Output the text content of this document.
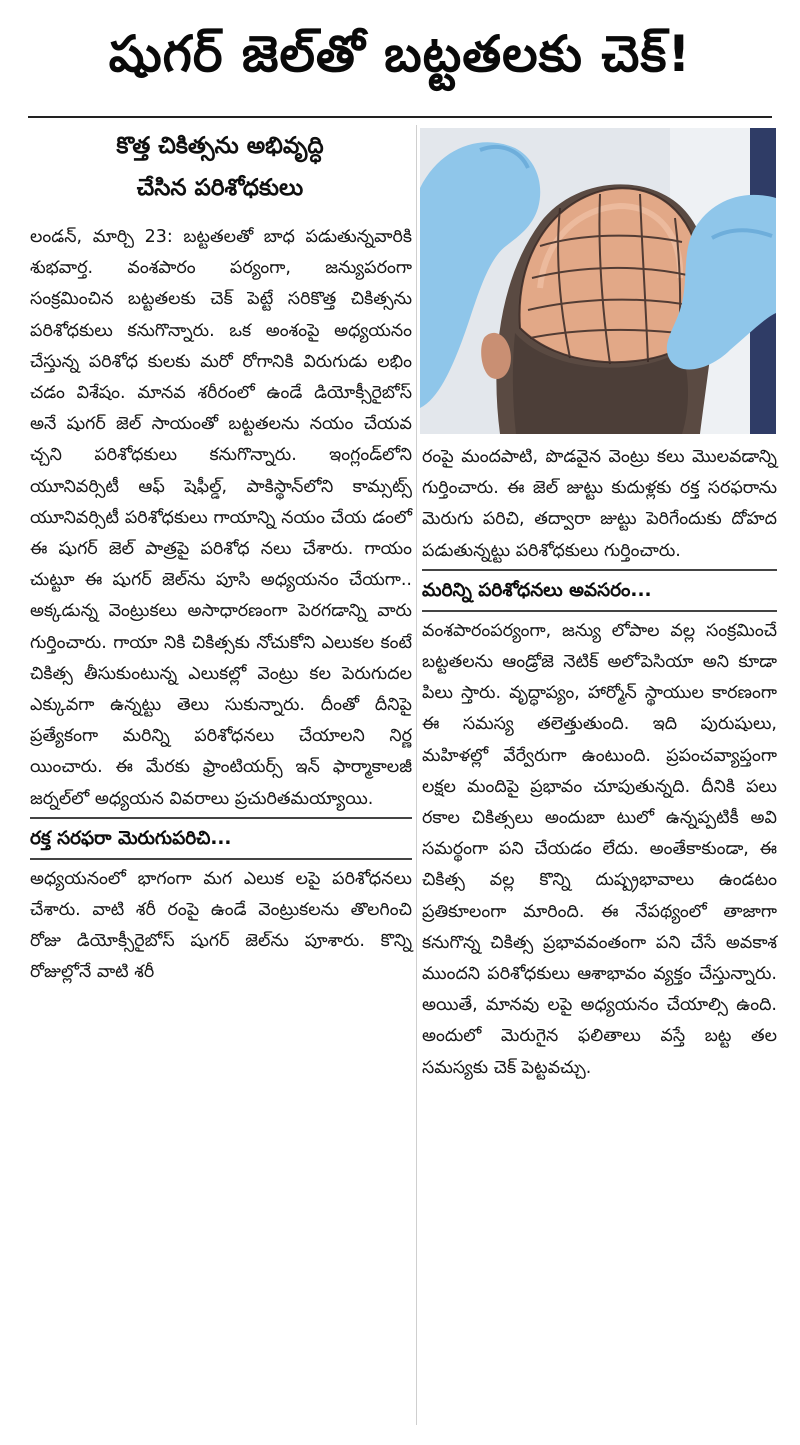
షుగర్ జెల్‌తో బట్టతలకు చెక్!
కొత్త చికిత్సను అభివృద్ధి
చేసిన పరిశోధకులు

లండన్, మార్చి 23: బట్టతలతో బాధ పడుతున్నవారికి శుభవార్త. వంశపారం పర్యంగా, జన్యుపరంగా సంక్రమించిన బట్టతలకు చెక్ పెట్టే సరికొత్త చికిత్సను పరిశోధకులు కనుగొన్నారు. ఒక అంశంపై అధ్యయనం చేస్తున్న పరిశోధ కులకు మరో రోగానికి విరుగుడు లభిం చడం విశేషం. మానవ శరీరంలో ఉండే డియోక్సీరైబోస్ అనే షుగర్ జెల్ సాయంతో బట్టతలను నయం చేయవ చ్చని పరిశోధకులు కనుగొన్నారు. ఇంగ్లండ్‌లోని యూనివర్సిటీ ఆఫ్ షెఫీల్డ్, పాకిస్థాన్‌లోని కామ్సట్స్ యూనివర్సిటీ పరిశోధకులు గాయాన్ని నయం చేయ డంలో ఈ షుగర్ జెల్ పాత్రపై పరిశోధ నలు చేశారు. గాయం చుట్టూ ఈ షుగర్ జెల్‌ను పూసి అధ్యయనం చేయగా.. అక్కడున్న వెంట్రుకలు అసాధారణంగా పెరగడాన్ని వారు గుర్తించారు. గాయా నికి చికిత్సకు నోచుకోని ఎలుకల కంటే చికిత్స తీసుకుంటున్న ఎలుకల్లో వెంట్రు కల పెరుగుదల ఎక్కువగా ఉన్నట్టు తెలు సుకున్నారు. దీంతో దీనిపై ప్రత్యేకంగా మరిన్ని పరిశోధనలు చేయాలని నిర్ణ యించారు. ఈ మేరకు ఫ్రాంటియర్స్ ఇన్ ఫార్మాకాలజీ జర్నల్‌లో అధ్యయన వివరాలు ప్రచురితమయ్యాయి.

రక్త సరఫరా మెరుగుపరిచి...

అధ్యయనంలో భాగంగా మగ ఎలుక లపై పరిశోధనలు చేశారు. వాటి శరీ రంపై ఉండే వెంట్రుకలను తొలగించి రోజు డియోక్సీరైబోస్ షుగర్ జెల్‌ను పూశారు. కొన్ని రోజుల్లోనే వాటి శరీ

రంపై మందపాటి, పొడవైన వెంట్రు కలు మొలవడాన్ని గుర్తించారు. ఈ జెల్ జుట్టు కుదుళ్లకు రక్త సరఫరాను మెరుగు పరిచి, తద్వారా జుట్టు పెరిగేందుకు దోహద పడుతున్నట్టు పరిశోధకులు గుర్తించారు.

మరిన్ని పరిశోధనలు అవసరం...

వంశపారంపర్యంగా, జన్యు లోపాల వల్ల సంక్రమించే బట్టతలను ఆండ్రోజె నెటిక్ అలోపెసియా అని కూడా పిలు స్తారు. వృద్ధాప్యం, హార్మోన్ స్థాయుల కారణంగా ఈ సమస్య తలెత్తుతుంది. ఇది పురుషులు, మహిళల్లో వేర్వేరుగా ఉంటుంది. ప్రపంచవ్యాప్తంగా లక్షల మందిపై ప్రభావం చూపుతున్నది. దీనికి పలు రకాల చికిత్సలు అందుబా టులో ఉన్నప్పటికీ అవి సమర్థంగా పని చేయడం లేదు. అంతేకాకుండా, ఈ చికిత్స వల్ల కొన్ని దుష్ప్రభావాలు ఉండటం ప్రతికూలంగా మారింది. ఈ నేపథ్యంలో తాజాగా కనుగొన్న చికిత్స ప్రభావవంతంగా పని చేసే అవకాశ ముందని పరిశోధకులు ఆశాభావం వ్యక్తం చేస్తున్నారు. అయితే, మానవు లపై అధ్యయనం చేయాల్సి ఉంది. అందులో మెరుగైన ఫలితాలు వస్తే బట్ట తల సమస్యకు చెక్ పెట్టవచ్చు.
